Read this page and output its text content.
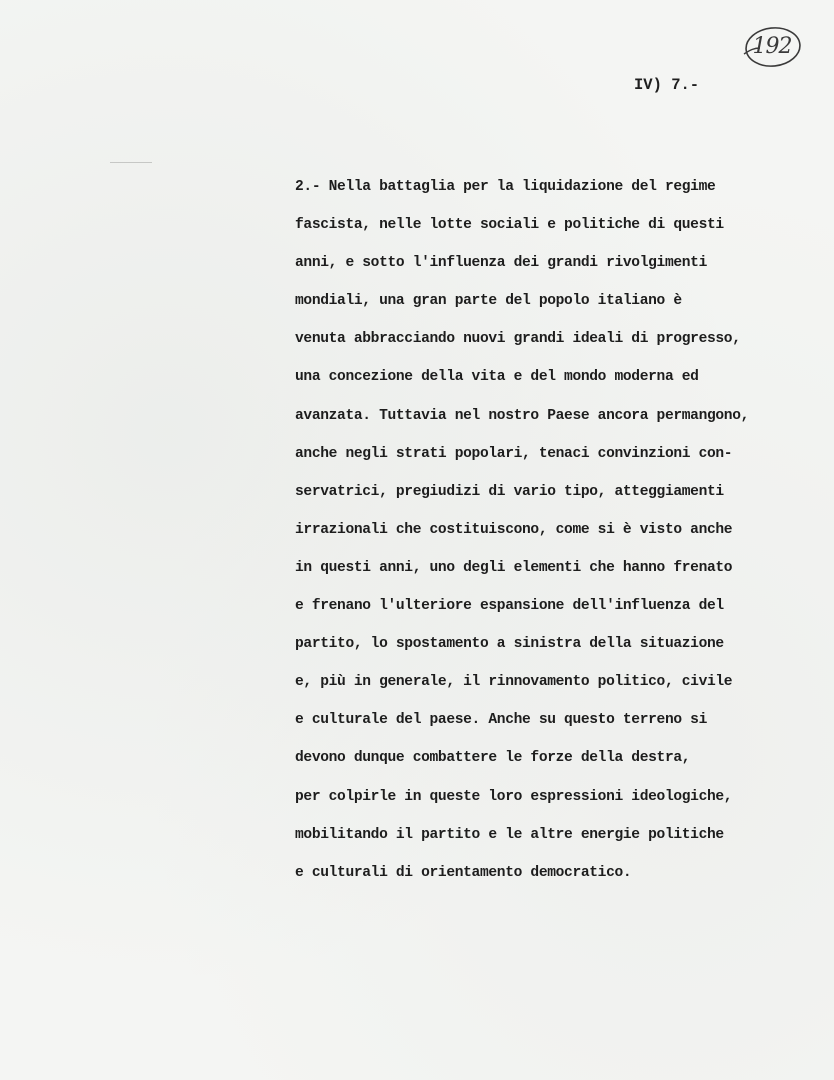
192
IV) 7.-
2.- Nella battaglia per la liquidazione del regime
fascista, nelle lotte sociali e politiche di questi
anni, e sotto l'influenza dei grandi rivolgimenti
mondiali, una gran parte del popolo italiano è
venuta abbracciando nuovi grandi ideali di progresso,
una concezione della vita e del mondo moderna ed
avanzata. Tuttavia nel nostro Paese ancora permangono,
anche negli strati popolari, tenaci convinzioni con-
servatrici, pregiudizi di vario tipo, atteggiamenti
irrazionali che costituiscono, come si è visto anche
in questi anni, uno degli elementi che hanno frenato
e frenano l'ulteriore espansione dell'influenza del
partito, lo spostamento a sinistra della situazione
e, più in generale, il rinnovamento politico, civile
e culturale del paese. Anche su questo terreno si
devono dunque combattere le forze della destra,
per colpirle in queste loro espressioni ideologiche,
mobilitando il partito e le altre energie politiche
e culturali di orientamento democratico.
